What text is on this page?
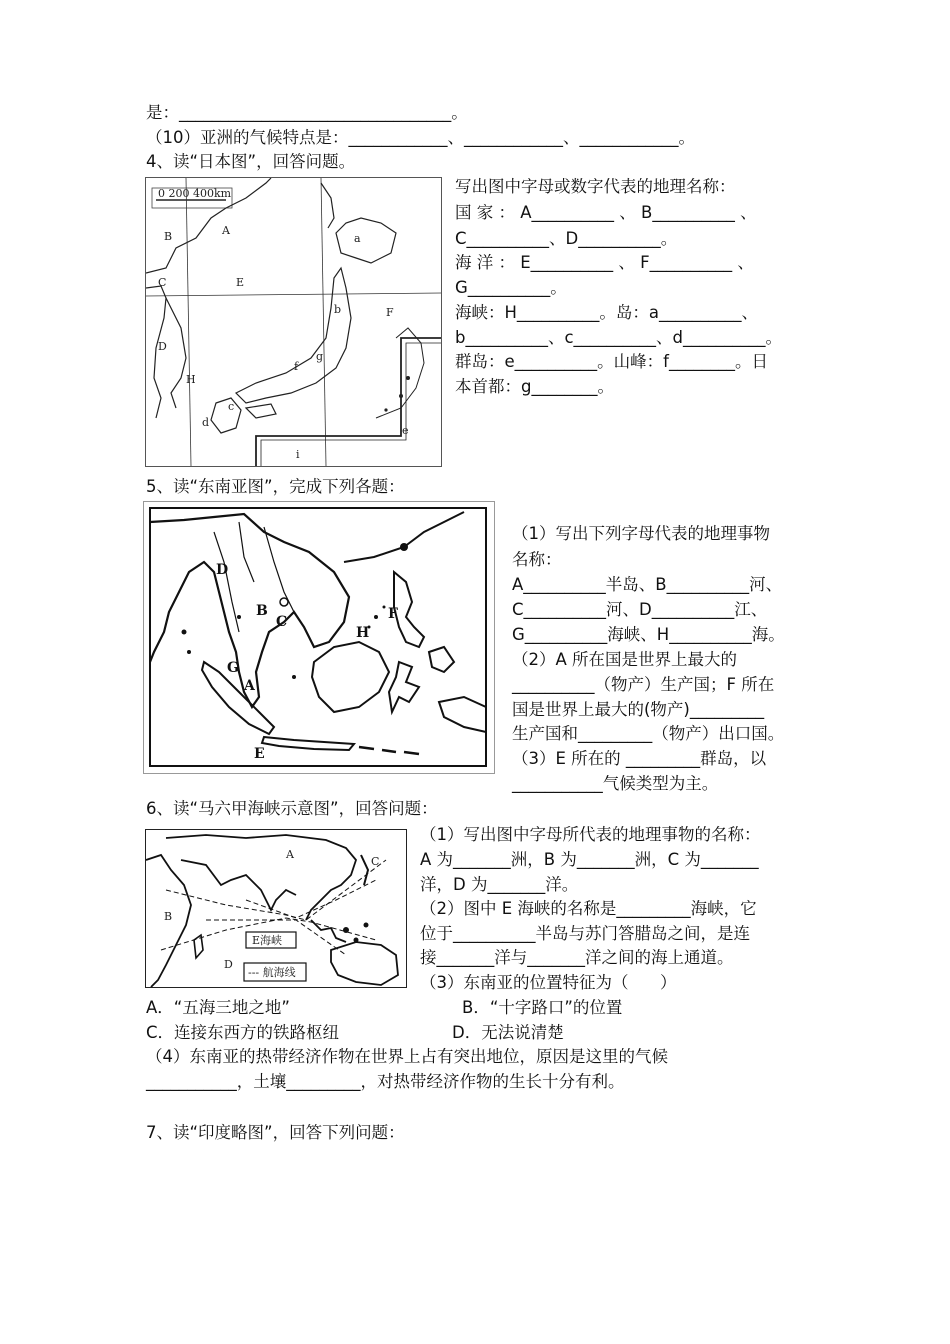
是：_________________________________。
（10）亚洲的气候特点是：____________、____________、____________。
4、读“日本图”，回答问题。
0 200 400km
A
B
C
D
E
F
H
a
b
c
d
e
f
g
i
写出图中字母或数字代表的地理名称：
国 家 ： A__________ 、 B__________ 、
C__________、D__________。
海 洋 ： E__________ 、 F__________ 、
G__________。
海峡：H__________。岛：a__________、
b__________、c__________、d__________。
群岛：e__________。山峰：f________。日
本首都：g________。
5、读“东南亚图”，完成下列各题：
A
B
C
D
E
F
G
H
（1）写出下列字母代表的地理事物
名称：
A__________半岛、B__________河、
C__________河、D__________江、
G__________海峡、H__________海。
（2）A 所在国是世界上最大的
__________（物产）生产国；F 所在
国是世界上最大的(物产)_________
生产国和_________（物产）出口国。
（3）E 所在的 _________群岛，以
___________气候类型为主。
6、读“马六甲海峡示意图”，回答问题：
A
B
C
D
E海峡
--- 航海线
（1）写出图中字母所代表的地理事物的名称：
A 为_______洲，B 为_______洲，C 为_______
洋，D 为_______洋。
（2）图中 E 海峡的名称是_________海峡，它
位于__________半岛与苏门答腊岛之间，是连
接_______洋与_______洋之间的海上通道。
（3）东南亚的位置特征为（      ）
A．“五海三地之地”	B．“十字路口”的位置
C．连接东西方的铁路枢纽	D．无法说清楚
（4）东南亚的热带经济作物在世界上占有突出地位，原因是这里的气候
___________，土壤_________，对热带经济作物的生长十分有利。
7、读“印度略图”，回答下列问题：
